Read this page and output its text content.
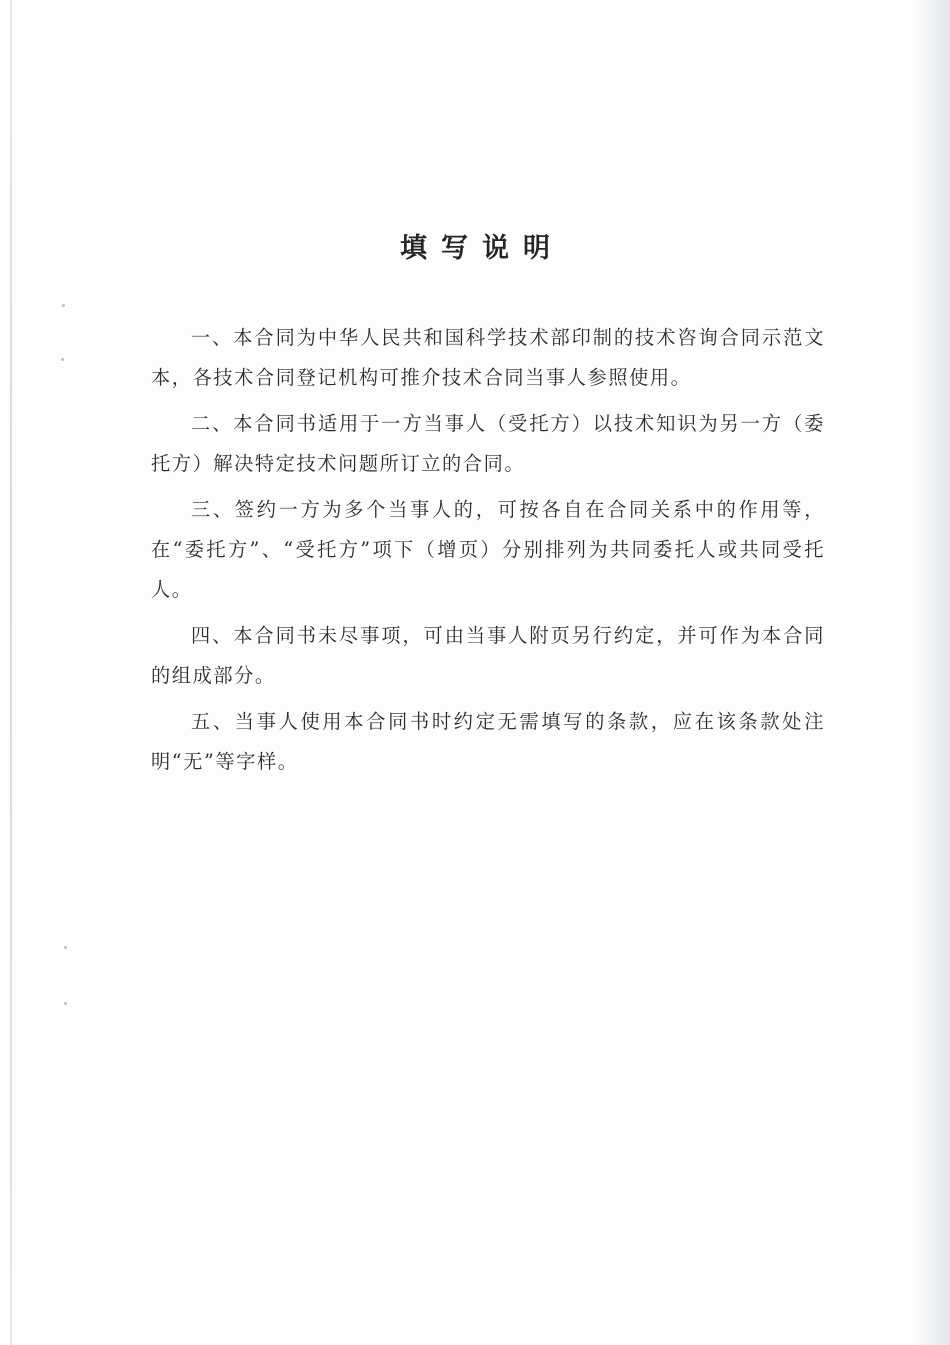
填写说明

一、本合同为中华人民共和国科学技术部印制的技术咨询合同示范文本，各技术合同登记机构可推介技术合同当事人参照使用。

二、本合同书适用于一方当事人（受托方）以技术知识为另一方（委托方）解决特定技术问题所订立的合同。

三、签约一方为多个当事人的，可按各自在合同关系中的作用等，在“委托方”、“受托方”项下（增页）分别排列为共同委托人或共同受托人。

四、本合同书未尽事项，可由当事人附页另行约定，并可作为本合同的组成部分。

五、当事人使用本合同书时约定无需填写的条款，应在该条款处注明“无”等字样。
